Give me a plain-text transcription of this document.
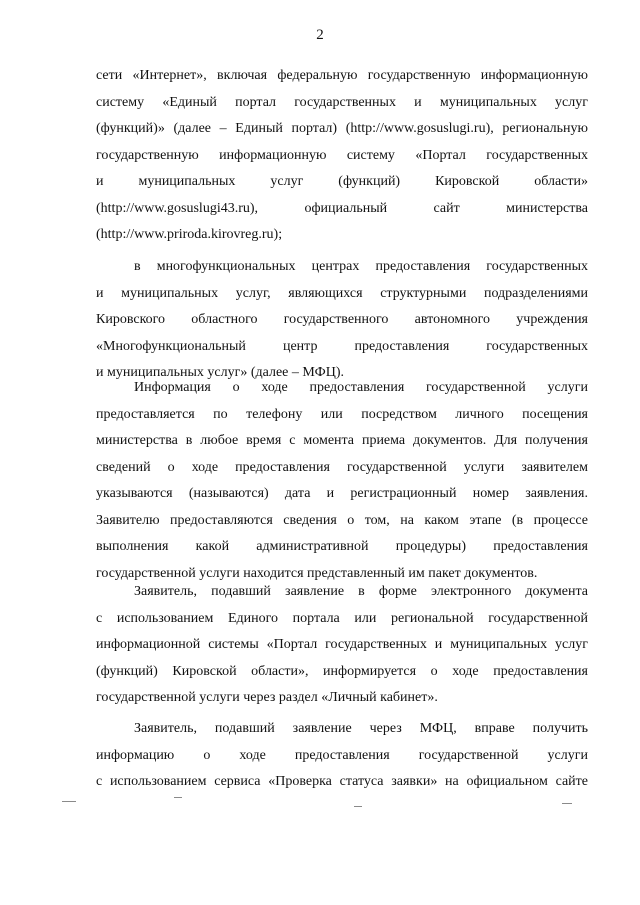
2
сети «Интернет», включая федеральную государственную информационную
систему «Единый портал государственных и муниципальных услуг
(функций)» (далее – Единый портал) (http://www.gosuslugi.ru), региональную
государственную информационную систему «Портал государственных
и муниципальных услуг (функций) Кировской области»
(http://www.gosuslugi43.ru), официальный сайт министерства
(http://www.priroda.kirovreg.ru);
в многофункциональных центрах предоставления государственных
и муниципальных услуг, являющихся структурными подразделениями
Кировского областного государственного автономного учреждения
«Многофункциональный центр предоставления государственных
и муниципальных услуг» (далее – МФЦ).
Информация о ходе предоставления государственной услуги
предоставляется по телефону или посредством личного посещения
министерства в любое время с момента приема документов. Для получения
сведений о ходе предоставления государственной услуги заявителем
указываются (называются) дата и регистрационный номер заявления.
Заявителю предоставляются сведения о том, на каком этапе (в процессе
выполнения какой административной процедуры) предоставления
государственной услуги находится представленный им пакет документов.
Заявитель, подавший заявление в форме электронного документа
с использованием Единого портала или региональной государственной
информационной системы «Портал государственных и муниципальных услуг
(функций) Кировской области», информируется о ходе предоставления
государственной услуги через раздел «Личный кабинет».
Заявитель, подавший заявление через МФЦ, вправе получить
информацию о ходе предоставления государственной услуги
с использованием сервиса «Проверка статуса заявки» на официальном сайте
